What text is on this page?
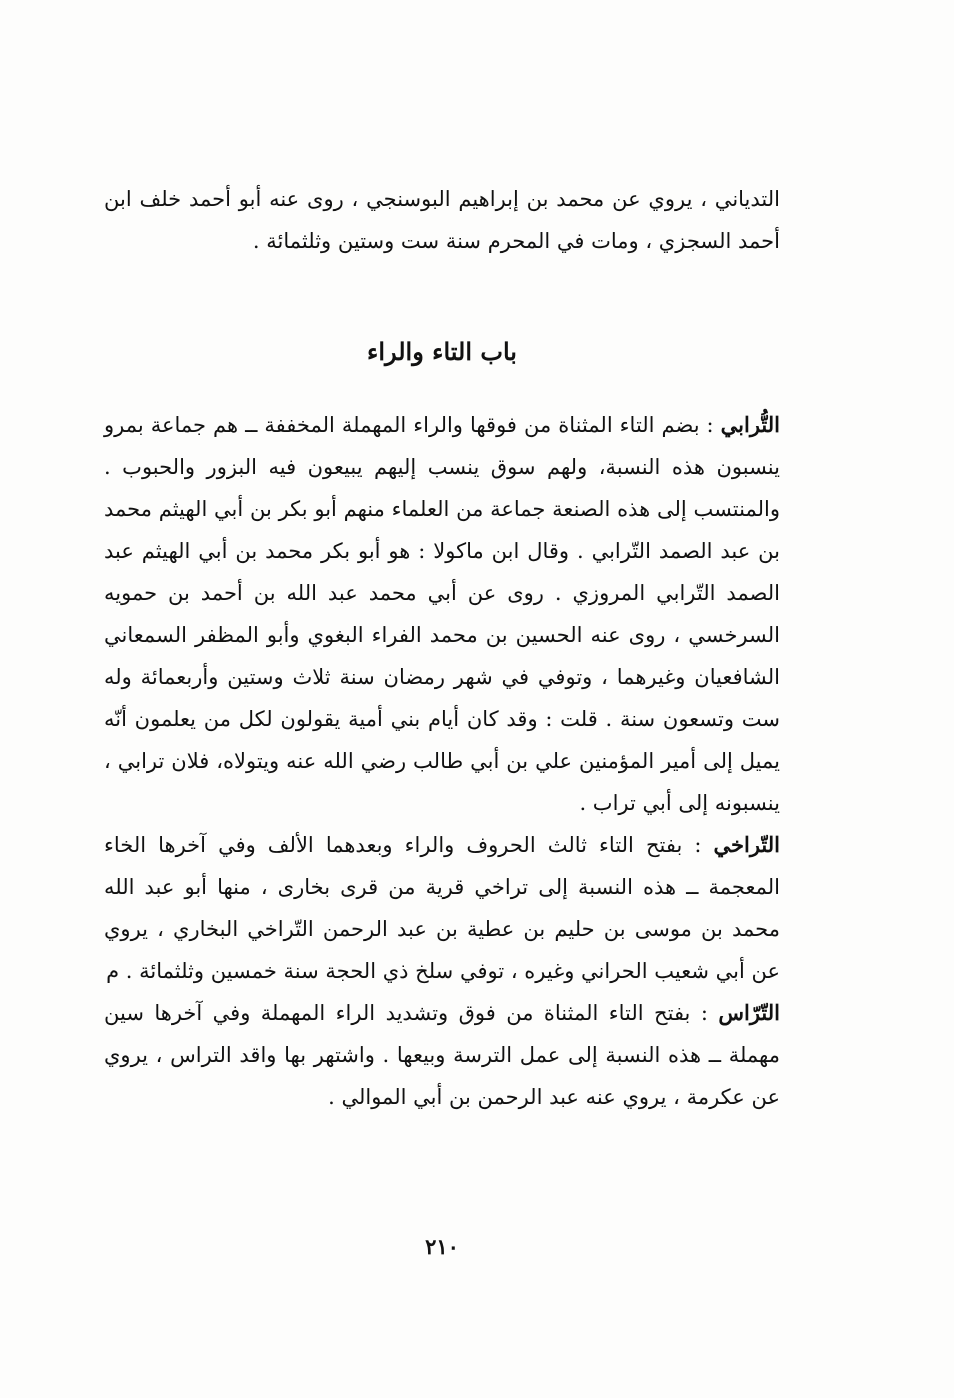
التدياني ، يروي عن محمد بن إبراهيم البوسنجي ، روى عنه أبو أحمد خلف ابن أحمد السجزي ، ومات في المحرم سنة ست وستين وثلثمائة .
باب التاء والراء

التُّرابي : بضم التاء المثناة من فوقها والراء المهملة المخففة ــ هم جماعة بمرو ينسبون هذه النسبة، ولهم سوق ينسب إليهم يبيعون فيه البزور والحبوب . والمنتسب إلى هذه الصنعة جماعة من العلماء منهم أبو بكر بن أبي الهيثم محمد بن عبد الصمد التّرابي . وقال ابن ماكولا : هو أبو بكر محمد بن أبي الهيثم عبد الصمد التّرابي المروزي . روى عن أبي محمد عبد الله بن أحمد بن حمويه السرخسي ، روى عنه الحسين بن محمد الفراء البغوي وأبو المظفر السمعاني الشافعيان وغيرهما ، وتوفي في شهر رمضان سنة ثلاث وستين وأربعمائة وله ست وتسعون سنة . قلت : وقد كان أيام بني أمية يقولون لكل من يعلمون أنّه يميل إلى أمير المؤمنين علي بن أبي طالب رضي الله عنه ويتولاه، فلان ترابي ، ينسبونه إلى أبي تراب .

التّراخي : بفتح التاء ثالث الحروف والراء وبعدهما الألف وفي آخرها الخاء المعجمة ــ هذه النسبة إلى تراخي قرية من قرى بخارى ، منها أبو عبد الله محمد بن موسى بن حليم بن عطية بن عبد الرحمن التّراخي البخاري ، يروي عن أبي شعيب الحراني وغيره ، توفي سلخ ذي الحجة سنة خمسين وثلثمائة . م

التّرّاس : بفتح التاء المثناة من فوق وتشديد الراء المهملة وفي آخرها سين مهملة ــ هذه النسبة إلى عمل الترسة وبيعها . واشتهر بها واقد التراس ، يروي عن عكرمة ، يروي عنه عبد الرحمن بن أبي الموالي .

٢١٠
